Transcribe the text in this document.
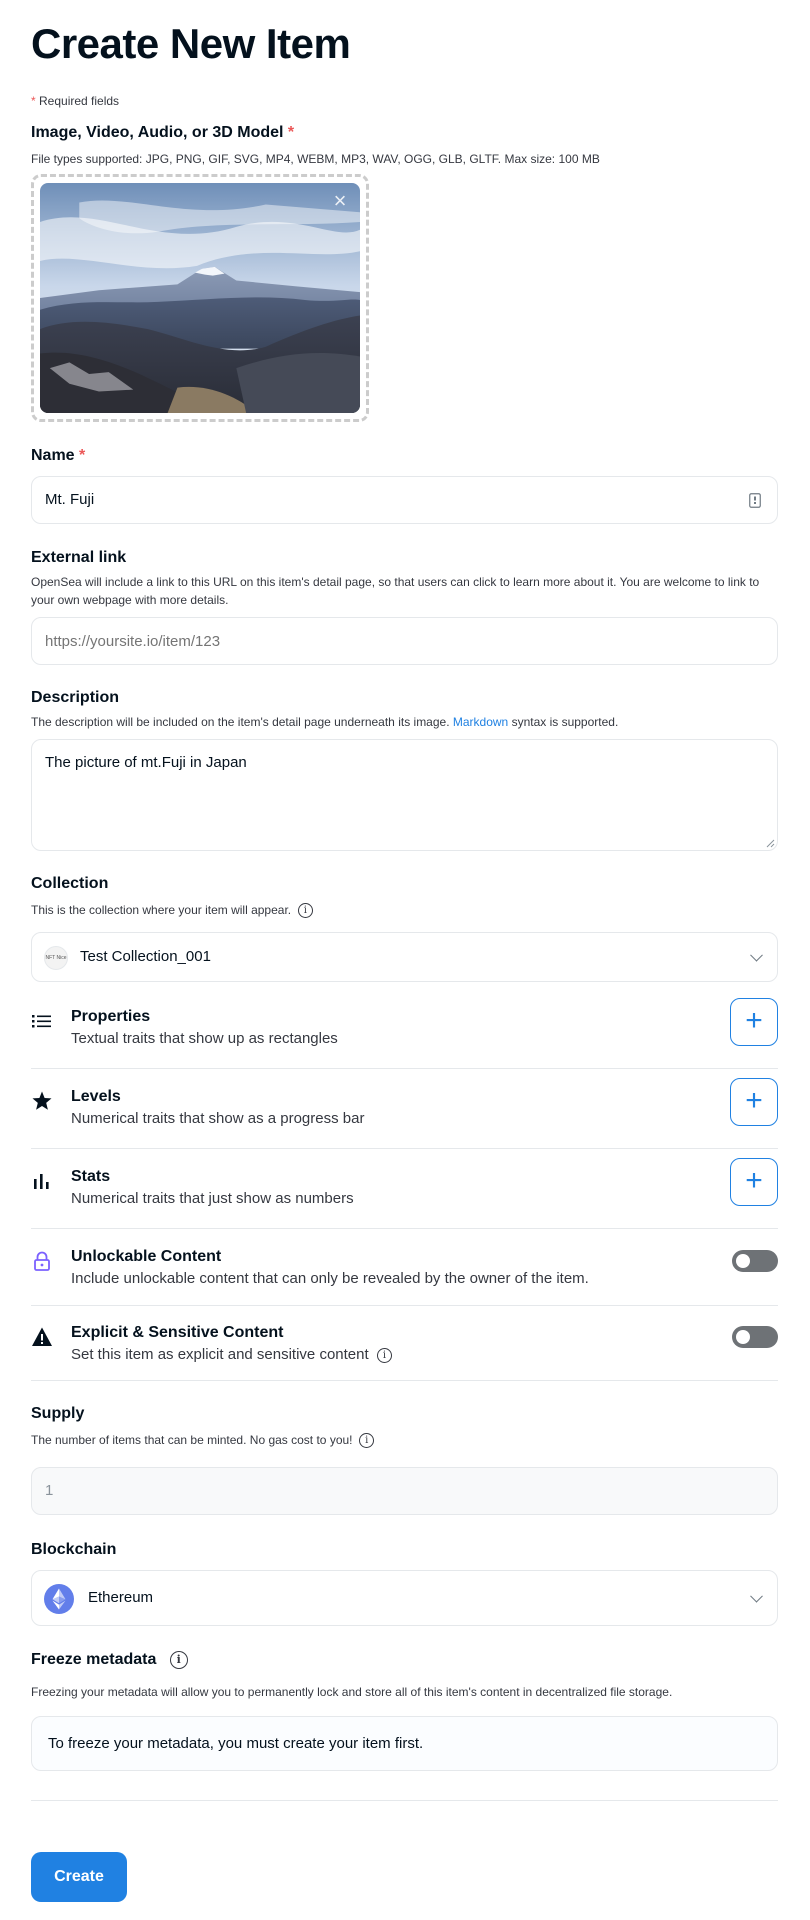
Create New Item
* Required fields
Image, Video, Audio, or 3D Model *
File types supported: JPG, PNG, GIF, SVG, MP4, WEBM, MP3, WAV, OGG, GLB, GLTF. Max size: 100 MB
×
Name *
Mt. Fuji
External link
OpenSea will include a link to this URL on this item's detail page, so that users can click to learn more about it. You are welcome to link to your own webpage with more details.
https://yoursite.io/item/123
Description
The description will be included on the item's detail page underneath its image. Markdown syntax is supported.
The picture of mt.Fuji in Japan
Collection
This is the collection where your item will appear. i
NFT Nice Test Collection_001
Properties
Textual traits that show up as rectangles
+
Levels
Numerical traits that show as a progress bar
+
Stats
Numerical traits that just show as numbers
+
Unlockable Content
Include unlockable content that can only be revealed by the owner of the item.
Explicit & Sensitive Content
Set this item as explicit and sensitive content i
Supply
The number of items that can be minted. No gas cost to you! i
1
Blockchain
Ethereum
Freeze metadata i
Freezing your metadata will allow you to permanently lock and store all of this item's content in decentralized file storage.
To freeze your metadata, you must create your item first.
Create
